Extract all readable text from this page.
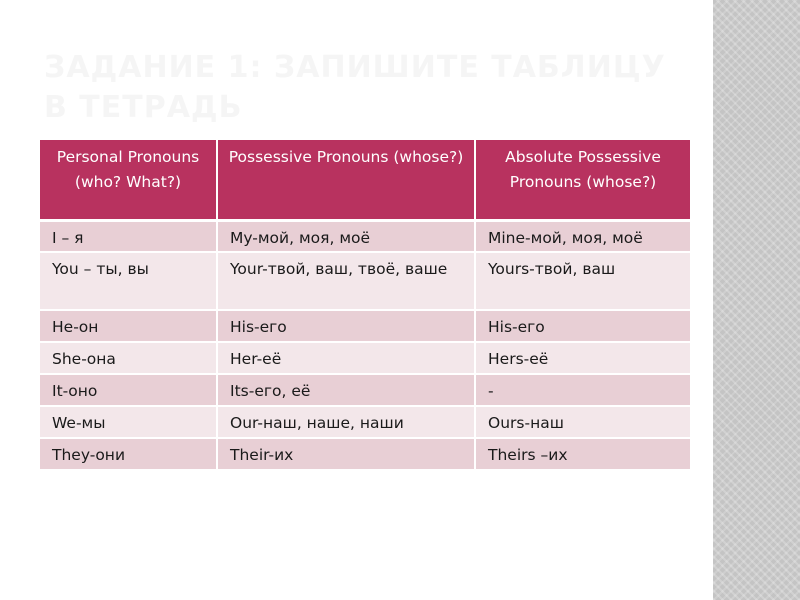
ЗАДАНИЕ 1: ЗАПИШИТЕ ТАБЛИЦУ В ТЕТРАДЬ
Personal Pronouns (who? What?)	Possessive Pronouns (whose?)	Absolute Possessive Pronouns (whose?)
I – я	My-мой, моя, моё	Mine-мой, моя, моё
You – ты, вы	Your-твой, ваш, твоё, ваше	Yours-твой, ваш
He-он	His-его	His-его
She-она	Her-её	Hers-её
It-оно	Its-его, её	-
We-мы	Our-наш, наше, наши	Ours-наш
They-они	Their-их	Theirs –их
